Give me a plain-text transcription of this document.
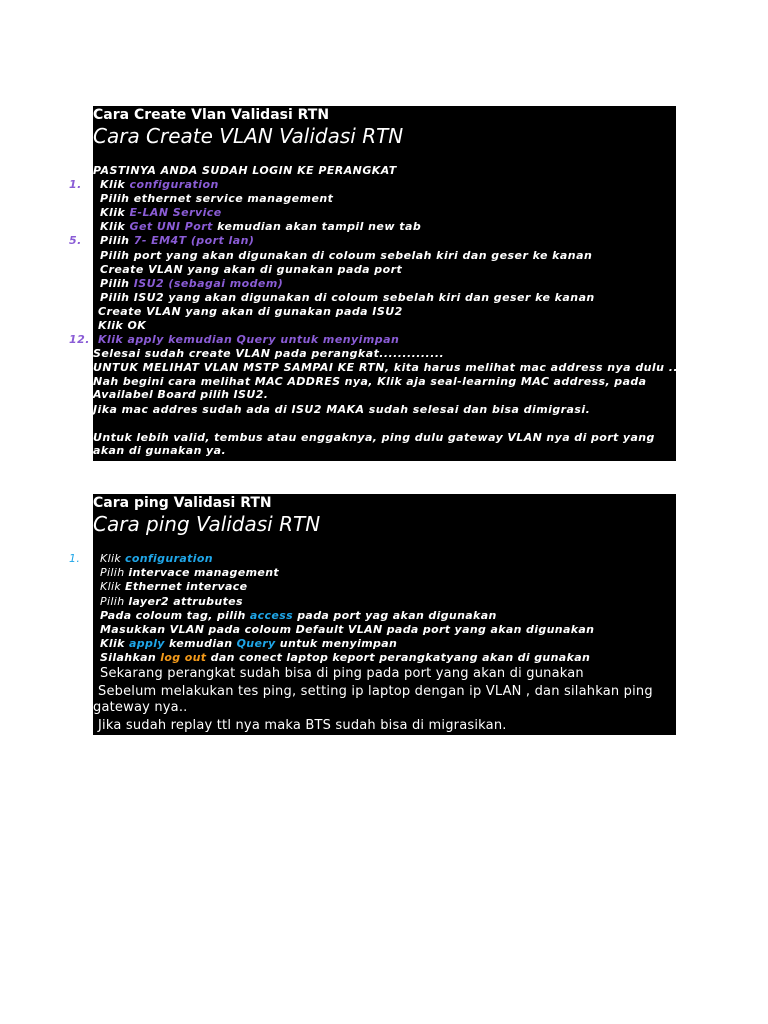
Cara Create Vlan Validasi RTN
Cara Create VLAN Validasi RTN
PASTINYA ANDA SUDAH LOGIN KE PERANGKAT
1. Klik configuration
2. Pilih ethernet service management
3. Klik E-LAN Service
4. Klik Get UNI Port kemudian akan tampil new tab
5. Pilih 7- EM4T (port lan)
6. Pilih port yang akan digunakan di coloum sebelah kiri dan geser ke kanan
7. Create VLAN yang akan di gunakan pada port
8. Pilih ISU2 (sebagai modem)
9. Pilih ISU2 yang akan digunakan di coloum sebelah kiri dan geser ke kanan
10. Create VLAN yang akan di gunakan pada ISU2
11. Klik OK
12. Klik apply kemudian Query untuk menyimpan
Selesai sudah create VLAN pada perangkat..............
UNTUK MELIHAT VLAN MSTP SAMPAI KE RTN, kita harus melihat mac address nya dulu ..
Nah begini cara melihat MAC ADDRES nya, Klik aja seal-learning MAC address, pada Availabel Board pilih ISU2.
Jika mac addres sudah ada di ISU2 MAKA sudah selesai dan bisa dimigrasi.
Untuk lebih valid, tembus atau enggaknya, ping dulu gateway VLAN nya di port yang akan di gunakan ya.
Cara ping Validasi RTN
Cara ping Validasi RTN
1. Klik configuration
2. Pilih intervace management
3. Klik Ethernet intervace
4. Pilih layer2 attrubutes
5. Pada coloum tag, pilih access pada port yag akan digunakan
6. Masukkan VLAN pada coloum Default VLAN pada port yang akan digunakan
7. Klik apply kemudian Query untuk menyimpan
8. Silahkan log out dan conect laptop keport perangkatyang akan di gunakan
9. Sekarang perangkat sudah bisa di ping pada port yang akan di gunakan
10. Sebelum melakukan tes ping, setting ip laptop dengan ip VLAN , dan silahkan ping
gateway nya..
11. Jika sudah replay ttl nya maka BTS sudah bisa di migrasikan.
